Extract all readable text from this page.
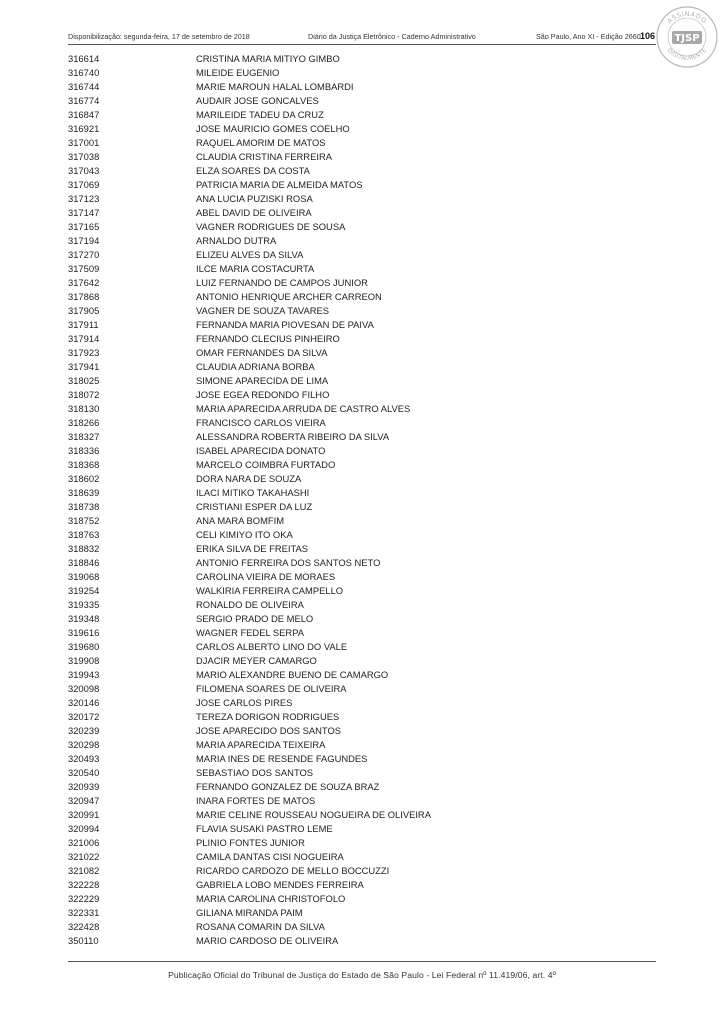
Disponibilização: segunda-feira, 17 de setembro de 2018	Diário da Justiça Eletrônico - Caderno Administrativo	São Paulo, Ano XI - Edição 2660 106
ASSINADO
DIGITALMENTE
TJSP
316614	CRISTINA MARIA MITIYO GIMBO
316740	MILEIDE EUGENIO
316744	MARIE MAROUN HALAL LOMBARDI
316774	AUDAIR JOSE GONCALVES
316847	MARILEIDE TADEU DA CRUZ
316921	JOSE MAURICIO GOMES COELHO
317001	RAQUEL AMORIM DE MATOS
317038	CLAUDIA CRISTINA FERREIRA
317043	ELZA SOARES DA COSTA
317069	PATRICIA MARIA DE ALMEIDA MATOS
317123	ANA LUCIA PUZISKI ROSA
317147	ABEL DAVID DE OLIVEIRA
317165	VAGNER RODRIGUES DE SOUSA
317194	ARNALDO DUTRA
317270	ELIZEU ALVES DA SILVA
317509	ILCE MARIA COSTACURTA
317642	LUIZ FERNANDO DE CAMPOS JUNIOR
317868	ANTONIO HENRIQUE ARCHER CARREON
317905	VAGNER DE SOUZA TAVARES
317911	FERNANDA MARIA PIOVESAN DE PAIVA
317914	FERNANDO CLECIUS PINHEIRO
317923	OMAR FERNANDES DA SILVA
317941	CLAUDIA ADRIANA BORBA
318025	SIMONE APARECIDA DE LIMA
318072	JOSE EGEA REDONDO FILHO
318130	MARIA APARECIDA ARRUDA DE CASTRO ALVES
318266	FRANCISCO CARLOS VIEIRA
318327	ALESSANDRA ROBERTA RIBEIRO DA SILVA
318336	ISABEL APARECIDA DONATO
318368	MARCELO COIMBRA FURTADO
318602	DORA NARA DE SOUZA
318639	ILACI MITIKO TAKAHASHI
318738	CRISTIANI ESPER DA LUZ
318752	ANA MARA BOMFIM
318763	CELI KIMIYO ITO OKA
318832	ERIKA SILVA DE FREITAS
318846	ANTONIO FERREIRA DOS SANTOS NETO
319068	CAROLINA VIEIRA DE MORAES
319254	WALKIRIA FERREIRA CAMPELLO
319335	RONALDO DE OLIVEIRA
319348	SERGIO PRADO DE MELO
319616	WAGNER FEDEL SERPA
319680	CARLOS ALBERTO LINO DO VALE
319908	DJACIR MEYER CAMARGO
319943	MARIO ALEXANDRE BUENO DE CAMARGO
320098	FILOMENA SOARES DE OLIVEIRA
320146	JOSE CARLOS PIRES
320172	TEREZA DORIGON RODRIGUES
320239	JOSE APARECIDO DOS SANTOS
320298	MARIA APARECIDA TEIXEIRA
320493	MARIA INES DE RESENDE FAGUNDES
320540	SEBASTIAO DOS SANTOS
320939	FERNANDO GONZALEZ DE SOUZA BRAZ
320947	INARA FORTES DE MATOS
320991	MARIE CELINE ROUSSEAU NOGUEIRA DE OLIVEIRA
320994	FLAVIA SUSAKI PASTRO LEME
321006	PLINIO FONTES JUNIOR
321022	CAMILA DANTAS CISI NOGUEIRA
321082	RICARDO CARDOZO DE MELLO BOCCUZZI
322228	GABRIELA LOBO MENDES FERREIRA
322229	MARIA CAROLINA CHRISTOFOLO
322331	GILIANA MIRANDA PAIM
322428	ROSANA COMARIN DA SILVA
350110	MARIO CARDOSO DE OLIVEIRA
Publicação Oficial do Tribunal de Justiça do Estado de São Paulo - Lei Federal nº 11.419/06, art. 4º
